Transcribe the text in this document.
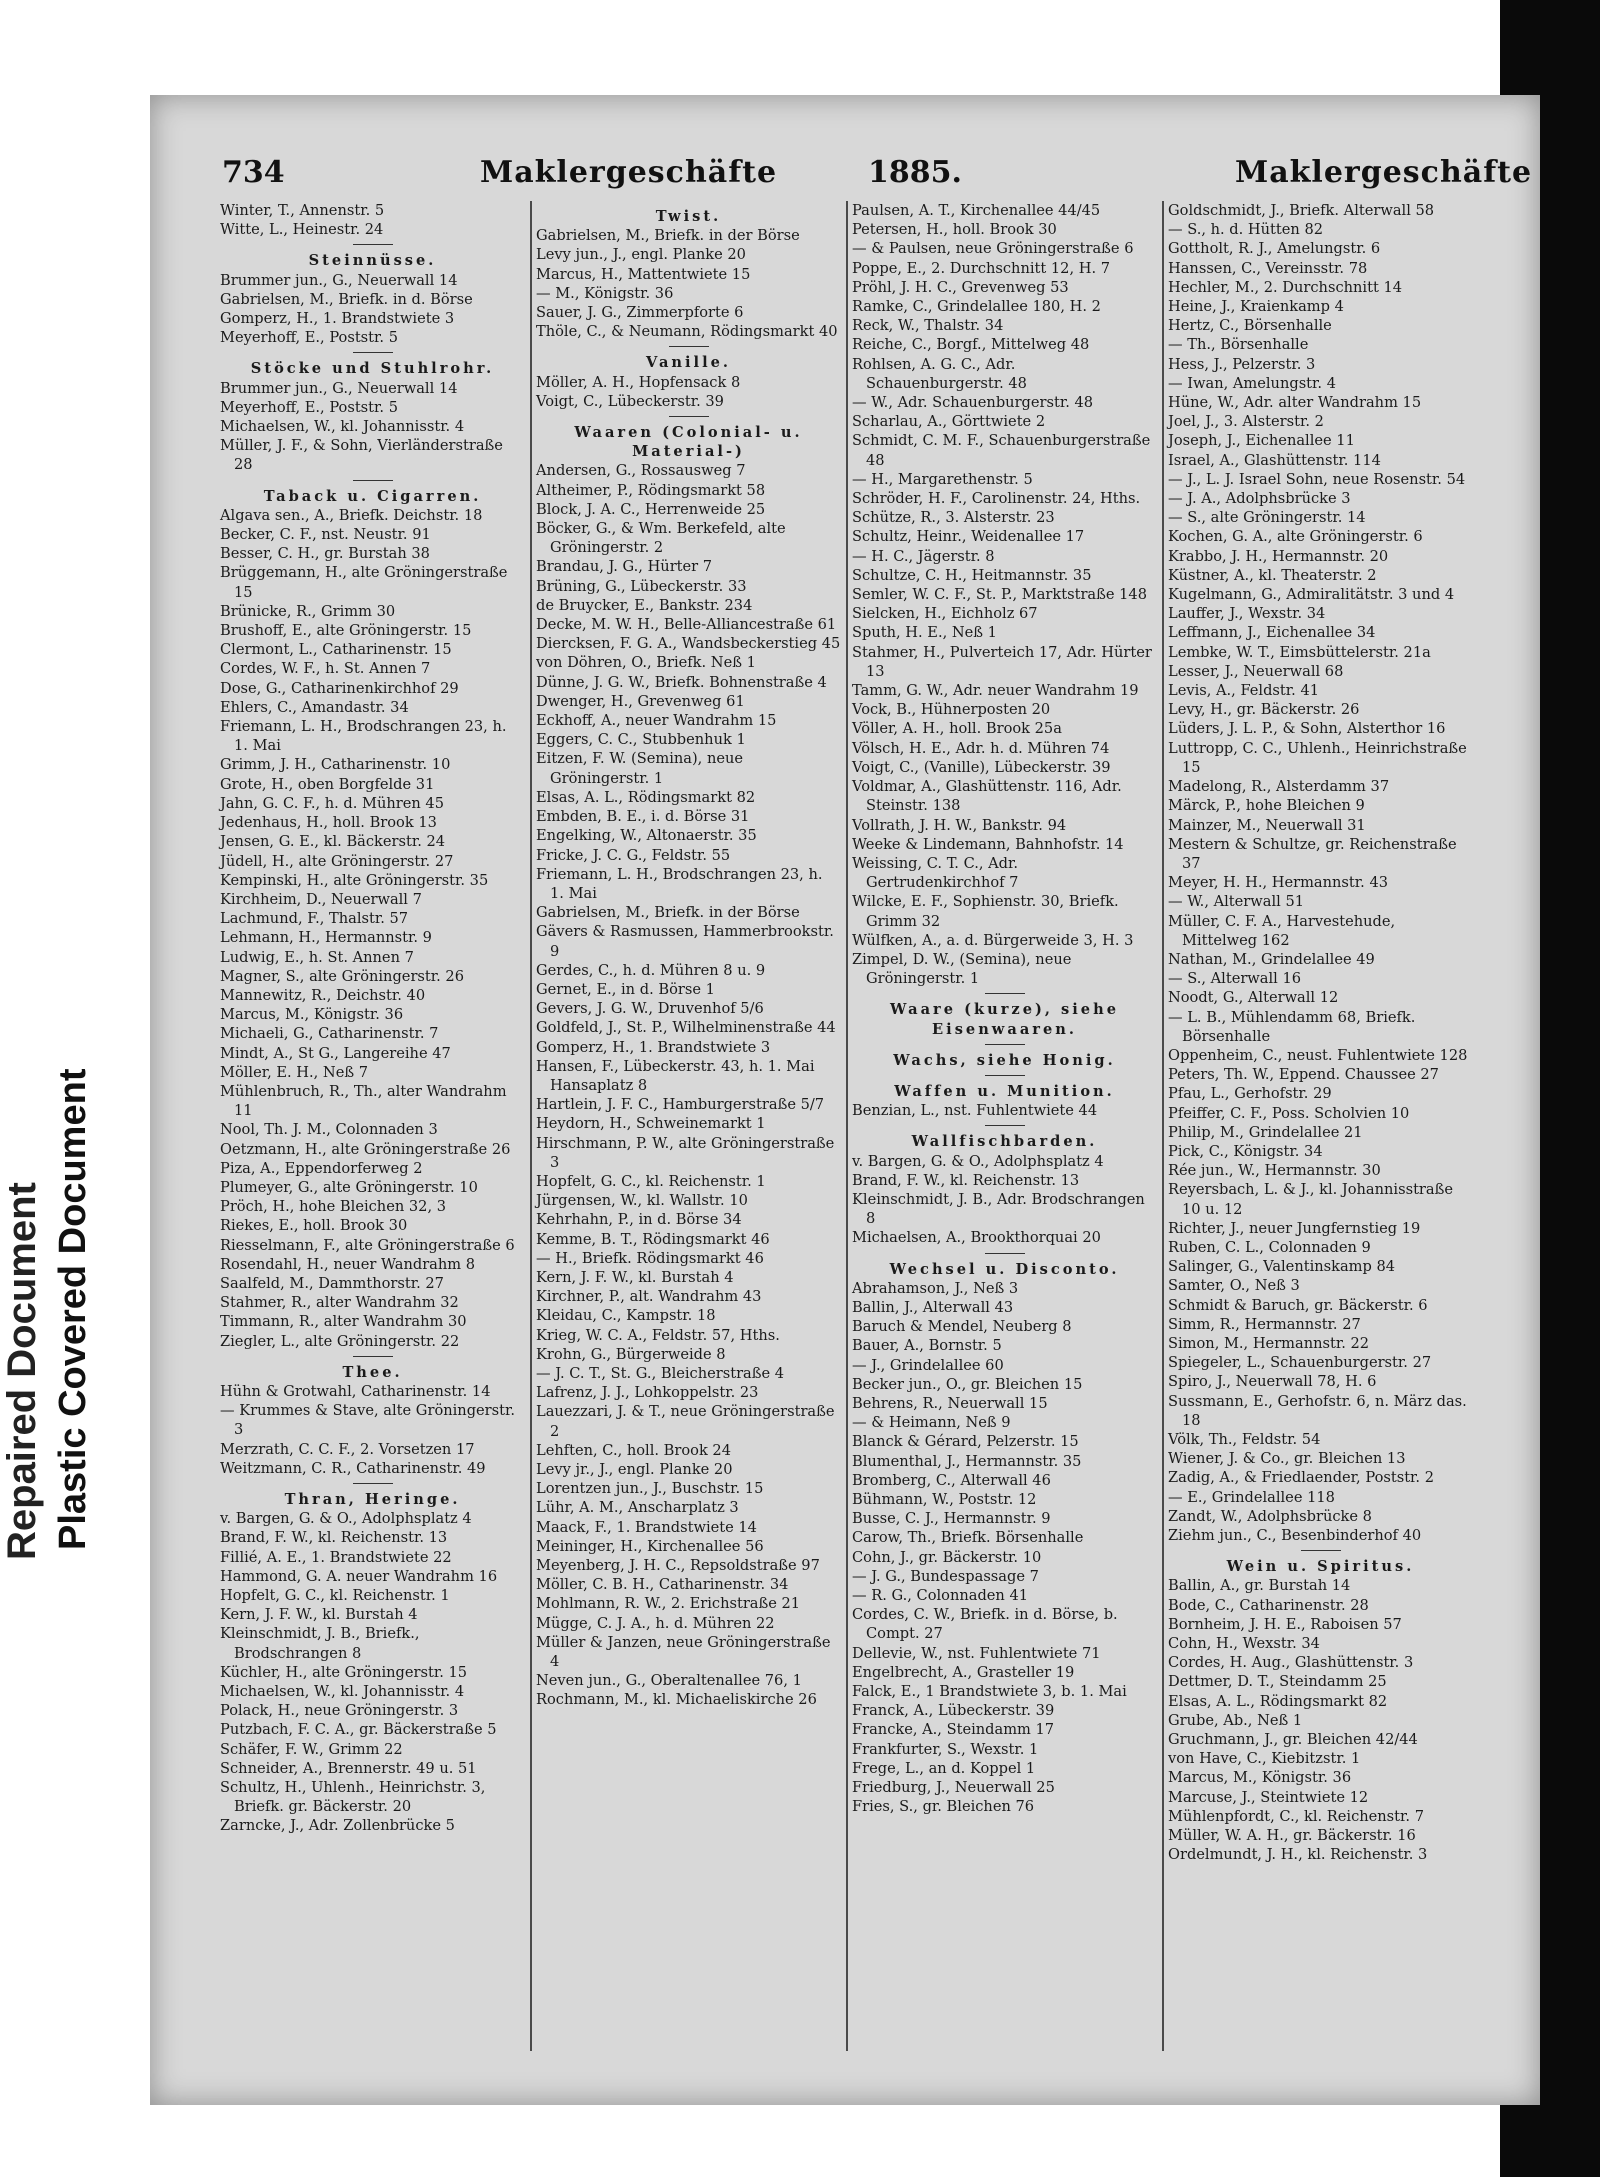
Repaired Document Plastic Covered Document
734	Maklergeschäfte	1885.	Maklergeschäfte
Winter, T., Annenstr. 5
Witte, L., Heinestr. 24
Steinnüsse.
Brummer jun., G., Neuerwall 14
Gabrielsen, M., Briefk. in d. Börse
Gomperz, H., 1. Brandstwiete 3
Meyerhoff, E., Poststr. 5
Stöcke und Stuhlrohr.
Brummer jun., G., Neuerwall 14
Meyerhoff, E., Poststr. 5
Michaelsen, W., kl. Johannisstr. 4
Müller, J. F., & Sohn, Vierländerstraße 28
Taback u. Cigarren.
Algava sen., A., Briefk. Deichstr. 18
Becker, C. F., nst. Neustr. 91
Besser, C. H., gr. Burstah 38
Brüggemann, H., alte Gröningerstraße 15
Brünicke, R., Grimm 30
Brushoff, E., alte Gröningerstr. 15
Clermont, L., Catharinenstr. 15
Cordes, W. F., h. St. Annen 7
Dose, G., Catharinenkirchhof 29
Ehlers, C., Amandastr. 34
Friemann, L. H., Brodschrangen 23, h. 1. Mai
Grimm, J. H., Catharinenstr. 10
Grote, H., oben Borgfelde 31
Jahn, G. C. F., h. d. Mühren 45
Jedenhaus, H., holl. Brook 13
Jensen, G. E., kl. Bäckerstr. 24
Jüdell, H., alte Gröningerstr. 27
Kempinski, H., alte Gröningerstr. 35
Kirchheim, D., Neuerwall 7
Lachmund, F., Thalstr. 57
Lehmann, H., Hermannstr. 9
Ludwig, E., h. St. Annen 7
Magner, S., alte Gröningerstr. 26
Mannewitz, R., Deichstr. 40
Marcus, M., Königstr. 36
Michaeli, G., Catharinenstr. 7
Mindt, A., St G., Langereihe 47
Möller, E. H., Neß 7
Mühlenbruch, R., Th., alter Wandrahm 11
Nool, Th. J. M., Colonnaden 3
Oetzmann, H., alte Gröningerstraße 26
Piza, A., Eppendorferweg 2
Plumeyer, G., alte Gröningerstr. 10
Pröch, H., hohe Bleichen 32, 3
Riekes, E., holl. Brook 30
Riesselmann, F., alte Gröningerstraße 6
Rosendahl, H., neuer Wandrahm 8
Saalfeld, M., Dammthorstr. 27
Stahmer, R., alter Wandrahm 32
Timmann, R., alter Wandrahm 30
Ziegler, L., alte Gröningerstr. 22
Thee.
Hühn & Grotwahl, Catharinenstr. 14
— Krummes & Stave, alte Gröningerstr. 3
Merzrath, C. C. F., 2. Vorsetzen 17
Weitzmann, C. R., Catharinenstr. 49
Thran, Heringe.
v. Bargen, G. & O., Adolphsplatz 4
Brand, F. W., kl. Reichenstr. 13
Fillié, A. E., 1. Brandstwiete 22
Hammond, G. A. neuer Wandrahm 16
Hopfelt, G. C., kl. Reichenstr. 1
Kern, J. F. W., kl. Burstah 4
Kleinschmidt, J. B., Briefk., Brodschrangen 8
Küchler, H., alte Gröningerstr. 15
Michaelsen, W., kl. Johannisstr. 4
Polack, H., neue Gröningerstr. 3
Putzbach, F. C. A., gr. Bäckerstraße 5
Schäfer, F. W., Grimm 22
Schneider, A., Brennerstr. 49 u. 51
Schultz, H., Uhlenh., Heinrichstr. 3, Briefk. gr. Bäckerstr. 20
Zarncke, J., Adr. Zollenbrücke 5
Twist.
Gabrielsen, M., Briefk. in der Börse
Levy jun., J., engl. Planke 20
Marcus, H., Mattentwiete 15
— M., Königstr. 36
Sauer, J. G., Zimmerpforte 6
Thöle, C., & Neumann, Rödingsmarkt 40
Vanille.
Möller, A. H., Hopfensack 8
Voigt, C., Lübeckerstr. 39
Waaren (Colonial- u. Material-)
Andersen, G., Rossausweg 7
Altheimer, P., Rödingsmarkt 58
Block, J. A. C., Herrenweide 25
Böcker, G., & Wm. Berkefeld, alte Gröningerstr. 2
Brandau, J. G., Hürter 7
Brüning, G., Lübeckerstr. 33
de Bruycker, E., Bankstr. 234
Decke, M. W. H., Belle-Alliancestraße 61
Diercksen, F. G. A., Wandsbeckerstieg 45
von Döhren, O., Briefk. Neß 1
Dünne, J. G. W., Briefk. Bohnenstraße 4
Dwenger, H., Grevenweg 61
Eckhoff, A., neuer Wandrahm 15
Eggers, C. C., Stubbenhuk 1
Eitzen, F. W. (Semina), neue Gröningerstr. 1
Elsas, A. L., Rödingsmarkt 82
Embden, B. E., i. d. Börse 31
Engelking, W., Altonaerstr. 35
Fricke, J. C. G., Feldstr. 55
Friemann, L. H., Brodschrangen 23, h. 1. Mai
Gabrielsen, M., Briefk. in der Börse
Gävers & Rasmussen, Hammerbrookstr. 9
Gerdes, C., h. d. Mühren 8 u. 9
Gernet, E., in d. Börse 1
Gevers, J. G. W., Druvenhof 5/6
Goldfeld, J., St. P., Wilhelminenstraße 44
Gomperz, H., 1. Brandstwiete 3
Hansen, F., Lübeckerstr. 43, h. 1. Mai Hansaplatz 8
Hartlein, J. F. C., Hamburgerstraße 5/7
Heydorn, H., Schweinemarkt 1
Hirschmann, P. W., alte Gröningerstraße 3
Hopfelt, G. C., kl. Reichenstr. 1
Jürgensen, W., kl. Wallstr. 10
Kehrhahn, P., in d. Börse 34
Kemme, B. T., Rödingsmarkt 46
— H., Briefk. Rödingsmarkt 46
Kern, J. F. W., kl. Burstah 4
Kirchner, P., alt. Wandrahm 43
Kleidau, C., Kampstr. 18
Krieg, W. C. A., Feldstr. 57, Hths.
Krohn, G., Bürgerweide 8
— J. C. T., St. G., Bleicherstraße 4
Lafrenz, J. J., Lohkoppelstr. 23
Lauezzari, J. & T., neue Gröningerstraße 2
Lehften, C., holl. Brook 24
Levy jr., J., engl. Planke 20
Lorentzen jun., J., Buschstr. 15
Lühr, A. M., Anscharplatz 3
Maack, F., 1. Brandstwiete 14
Meininger, H., Kirchenallee 56
Meyenberg, J. H. C., Repsoldstraße 97
Möller, C. B. H., Catharinenstr. 34
Mohlmann, R. W., 2. Erichstraße 21
Mügge, C. J. A., h. d. Mühren 22
Müller & Janzen, neue Gröningerstraße 4
Neven jun., G., Oberaltenallee 76, 1
Rochmann, M., kl. Michaeliskirche 26
Paulsen, A. T., Kirchenallee 44/45
Petersen, H., holl. Brook 30
— & Paulsen, neue Gröningerstraße 6
Poppe, E., 2. Durchschnitt 12, H. 7
Pröhl, J. H. C., Grevenweg 53
Ramke, C., Grindelallee 180, H. 2
Reck, W., Thalstr. 34
Reiche, C., Borgf., Mittelweg 48
Rohlsen, A. G. C., Adr. Schauenburgerstr. 48
— W., Adr. Schauenburgerstr. 48
Scharlau, A., Görttwiete 2
Schmidt, C. M. F., Schauenburgerstraße 48
— H., Margarethenstr. 5
Schröder, H. F., Carolinenstr. 24, Hths.
Schütze, R., 3. Alsterstr. 23
Schultz, Heinr., Weidenallee 17
— H. C., Jägerstr. 8
Schultze, C. H., Heitmannstr. 35
Semler, W. C. F., St. P., Marktstraße 148
Sielcken, H., Eichholz 67
Sputh, H. E., Neß 1
Stahmer, H., Pulverteich 17, Adr. Hürter 13
Tamm, G. W., Adr. neuer Wandrahm 19
Vock, B., Hühnerposten 20
Völler, A. H., holl. Brook 25a
Völsch, H. E., Adr. h. d. Mühren 74
Voigt, C., (Vanille), Lübeckerstr. 39
Voldmar, A., Glashüttenstr. 116, Adr. Steinstr. 138
Vollrath, J. H. W., Bankstr. 94
Weeke & Lindemann, Bahnhofstr. 14
Weissing, C. T. C., Adr. Gertrudenkirchhof 7
Wilcke, E. F., Sophienstr. 30, Briefk. Grimm 32
Wülfken, A., a. d. Bürgerweide 3, H. 3
Zimpel, D. W., (Semina), neue Gröningerstr. 1
Waare (kurze), siehe Eisenwaaren.
Wachs, siehe Honig.
Waffen u. Munition.
Benzian, L., nst. Fuhlentwiete 44
Wallfischbarden.
v. Bargen, G. & O., Adolphsplatz 4
Brand, F. W., kl. Reichenstr. 13
Kleinschmidt, J. B., Adr. Brodschrangen 8
Michaelsen, A., Brookthorquai 20
Wechsel u. Disconto.
Abrahamson, J., Neß 3
Ballin, J., Alterwall 43
Baruch & Mendel, Neuberg 8
Bauer, A., Bornstr. 5
— J., Grindelallee 60
Becker jun., O., gr. Bleichen 15
Behrens, R., Neuerwall 15
— & Heimann, Neß 9
Blanck & Gérard, Pelzerstr. 15
Blumenthal, J., Hermannstr. 35
Bromberg, C., Alterwall 46
Bühmann, W., Poststr. 12
Busse, C. J., Hermannstr. 9
Carow, Th., Briefk. Börsenhalle
Cohn, J., gr. Bäckerstr. 10
— J. G., Bundespassage 7
— R. G., Colonnaden 41
Cordes, C. W., Briefk. in d. Börse, b. Compt. 27
Dellevie, W., nst. Fuhlentwiete 71
Engelbrecht, A., Grasteller 19
Falck, E., 1 Brandstwiete 3, b. 1. Mai
Franck, A., Lübeckerstr. 39
Francke, A., Steindamm 17
Frankfurter, S., Wexstr. 1
Frege, L., an d. Koppel 1
Friedburg, J., Neuerwall 25
Fries, S., gr. Bleichen 76
Goldschmidt, J., Briefk. Alterwall 58
— S., h. d. Hütten 82
Gottholt, R. J., Amelungstr. 6
Hanssen, C., Vereinsstr. 78
Hechler, M., 2. Durchschnitt 14
Heine, J., Kraienkamp 4
Hertz, C., Börsenhalle
— Th., Börsenhalle
Hess, J., Pelzerstr. 3
— Iwan, Amelungstr. 4
Hüne, W., Adr. alter Wandrahm 15
Joel, J., 3. Alsterstr. 2
Joseph, J., Eichenallee 11
Israel, A., Glashüttenstr. 114
— J., L. J. Israel Sohn, neue Rosenstr. 54
— J. A., Adolphsbrücke 3
— S., alte Gröningerstr. 14
Kochen, G. A., alte Gröningerstr. 6
Krabbo, J. H., Hermannstr. 20
Küstner, A., kl. Theaterstr. 2
Kugelmann, G., Admiralitätstr. 3 und 4
Lauffer, J., Wexstr. 34
Leffmann, J., Eichenallee 34
Lembke, W. T., Eimsbüttelerstr. 21a
Lesser, J., Neuerwall 68
Levis, A., Feldstr. 41
Levy, H., gr. Bäckerstr. 26
Lüders, J. L. P., & Sohn, Alsterthor 16
Luttropp, C. C., Uhlenh., Heinrichstraße 15
Madelong, R., Alsterdamm 37
Märck, P., hohe Bleichen 9
Mainzer, M., Neuerwall 31
Mestern & Schultze, gr. Reichenstraße 37
Meyer, H. H., Hermannstr. 43
— W., Alterwall 51
Müller, C. F. A., Harvestehude, Mittelweg 162
Nathan, M., Grindelallee 49
— S., Alterwall 16
Noodt, G., Alterwall 12
— L. B., Mühlendamm 68, Briefk. Börsenhalle
Oppenheim, C., neust. Fuhlentwiete 128
Peters, Th. W., Eppend. Chaussee 27
Pfau, L., Gerhofstr. 29
Pfeiffer, C. F., Poss. Scholvien 10
Philip, M., Grindelallee 21
Pick, C., Königstr. 34
Rée jun., W., Hermannstr. 30
Reyersbach, L. & J., kl. Johannisstraße 10 u. 12
Richter, J., neuer Jungfernstieg 19
Ruben, C. L., Colonnaden 9
Salinger, G., Valentinskamp 84
Samter, O., Neß 3
Schmidt & Baruch, gr. Bäckerstr. 6
Simm, R., Hermannstr. 27
Simon, M., Hermannstr. 22
Spiegeler, L., Schauenburgerstr. 27
Spiro, J., Neuerwall 78, H. 6
Sussmann, E., Gerhofstr. 6, n. März das. 18
Völk, Th., Feldstr. 54
Wiener, J. & Co., gr. Bleichen 13
Zadig, A., & Friedlaender, Poststr. 2
— E., Grindelallee 118
Zandt, W., Adolphsbrücke 8
Ziehm jun., C., Besenbinderhof 40
Wein u. Spiritus.
Ballin, A., gr. Burstah 14
Bode, C., Catharinenstr. 28
Bornheim, J. H. E., Raboisen 57
Cohn, H., Wexstr. 34
Cordes, H. Aug., Glashüttenstr. 3
Dettmer, D. T., Steindamm 25
Elsas, A. L., Rödingsmarkt 82
Grube, Ab., Neß 1
Gruchmann, J., gr. Bleichen 42/44
von Have, C., Kiebitzstr. 1
Marcus, M., Königstr. 36
Marcuse, J., Steintwiete 12
Mühlenpfordt, C., kl. Reichenstr. 7
Müller, W. A. H., gr. Bäckerstr. 16
Ordelmundt, J. H., kl. Reichenstr. 3
